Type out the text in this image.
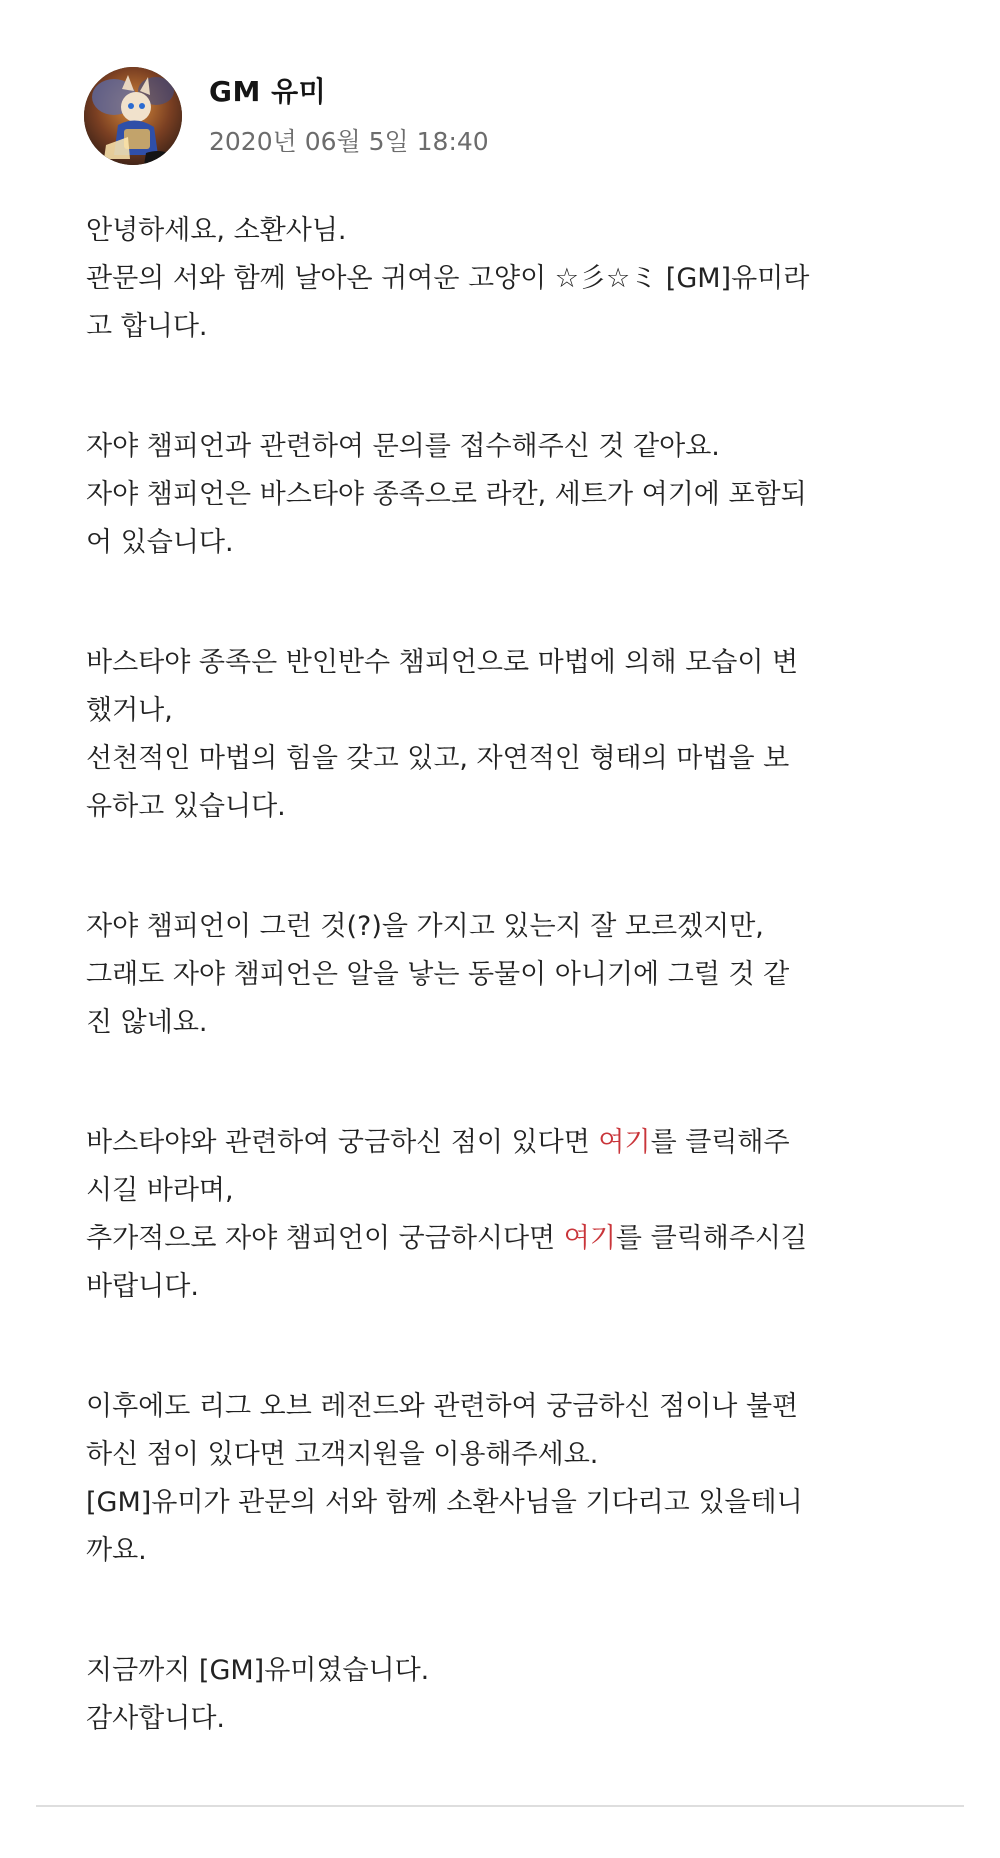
GM 유미
2020년 06월 5일 18:40

안녕하세요, 소환사님.
관문의 서와 함께 날아온 귀여운 고양이 ☆彡☆ミ [GM]유미라
고 합니다.

자야 챔피언과 관련하여 문의를 접수해주신 것 같아요.
자야 챔피언은 바스타야 종족으로 라칸, 세트가 여기에 포함되
어 있습니다.

바스타야 종족은 반인반수 챔피언으로 마법에 의해 모습이 변
했거나,
선천적인 마법의 힘을 갖고 있고, 자연적인 형태의 마법을 보
유하고 있습니다.

자야 챔피언이 그런 것(?)을 가지고 있는지 잘 모르겠지만,
그래도 자야 챔피언은 알을 낳는 동물이 아니기에 그럴 것 같
진 않네요.

바스타야와 관련하여 궁금하신 점이 있다면 여기를 클릭해주
시길 바라며,
추가적으로 자야 챔피언이 궁금하시다면 여기를 클릭해주시길
바랍니다.

이후에도 리그 오브 레전드와 관련하여 궁금하신 점이나 불편
하신 점이 있다면 고객지원을 이용해주세요.
[GM]유미가 관문의 서와 함께 소환사님을 기다리고 있을테니
까요.

지금까지 [GM]유미였습니다.
감사합니다.
